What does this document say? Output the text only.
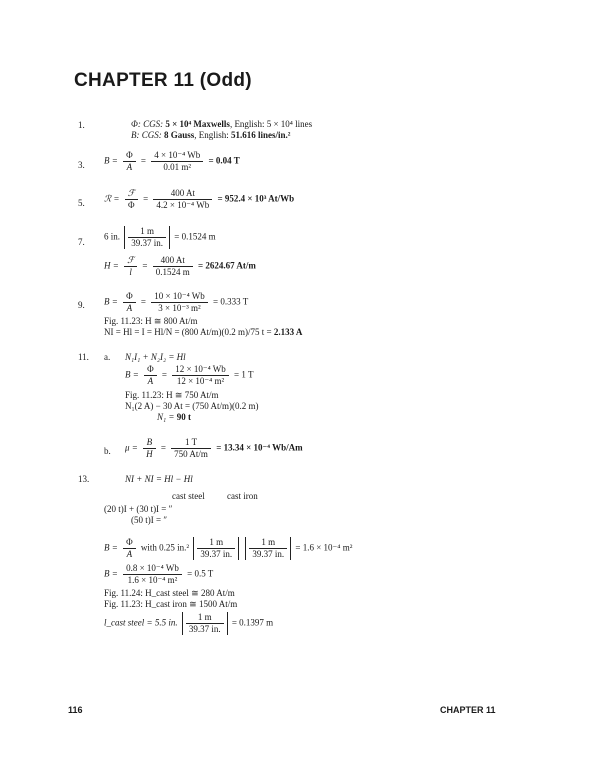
CHAPTER 11 (Odd)
1.	Φ: CGS: 5 × 10⁴ Maxwells, English: 5 × 10⁴ lines
B: CGS: 8 Gauss, English: 51.616 lines/in.²
3. $B = \frac{\Phi}{A} = \frac{\text{4 × 10⁻⁴ Wb}}{\text{0.01 m²}} = 0.04$ T
5. ℛ = $\frac{\text{ℱ}}{\Phi} = \frac{400 At}{\text{4.2 × 10⁻⁴ Wb}} = 952.4 \times 10^3$ At/Wb
7.
6 in. $\frac{1 m}{39.37 in.} = 0.1524$ m
$H = \frac{\text{ℱ}}{l} = \frac{400 At}{0.1524 m} = 2624.67$ At/m
9. $B = \frac{\Phi}{A} = \frac{\text{10 × 10⁻⁴ Wb}}{\text{3 × 10⁻³ m²}} = 0.333$ T
Fig. 11.23: H ≅ 800 At/m
NI = Hl = I = Hl/N = (800 At/m)(0.2 m)/75 t = 2.133 A
11. a. N₁I₁ + N₂I₂ = Hl
$B = \frac{\Phi}{A} = \frac{\text{12 × 10⁻⁴ Wb}}{\text{12 × 10⁻⁴ m²}} = 1$ T
Fig. 11.23: H ≅ 750 At/m
N₁(2 A) − 30 At = (750 At/m)(0.2 m)
N₁ = 90 t
b. $\mu = \frac{B}{H} = \frac{1 T}{750 At/m} = 13.34 \times 10^{-4}$ Wb/Am
13.	NI + NI = Hl − Hl
cast steel cast iron
(20 t)I + (30 t)I = ″
(50 t)I = ″
$B = \frac{\Phi}{A}$ with 0.25 $in.^2 \frac{1 m}{39.37 in.}$
$\frac{1 m}{39.37 in.} = 1.6 \times 10^{-4}$ m²
$B = \frac{\text{0.8 × 10⁻⁴ Wb}}{\text{1.6 × 10⁻⁴ m²}} = 0.5$ T
Fig. 11.24: H_cast steel ≅ 280 At/m
Fig. 11.23: H_cast iron ≅ 1500 At/m
l_cast steel = 5.5 in. $\frac{1 m}{39.37 in.} = 0.1397$ m
116	CHAPTER 11
